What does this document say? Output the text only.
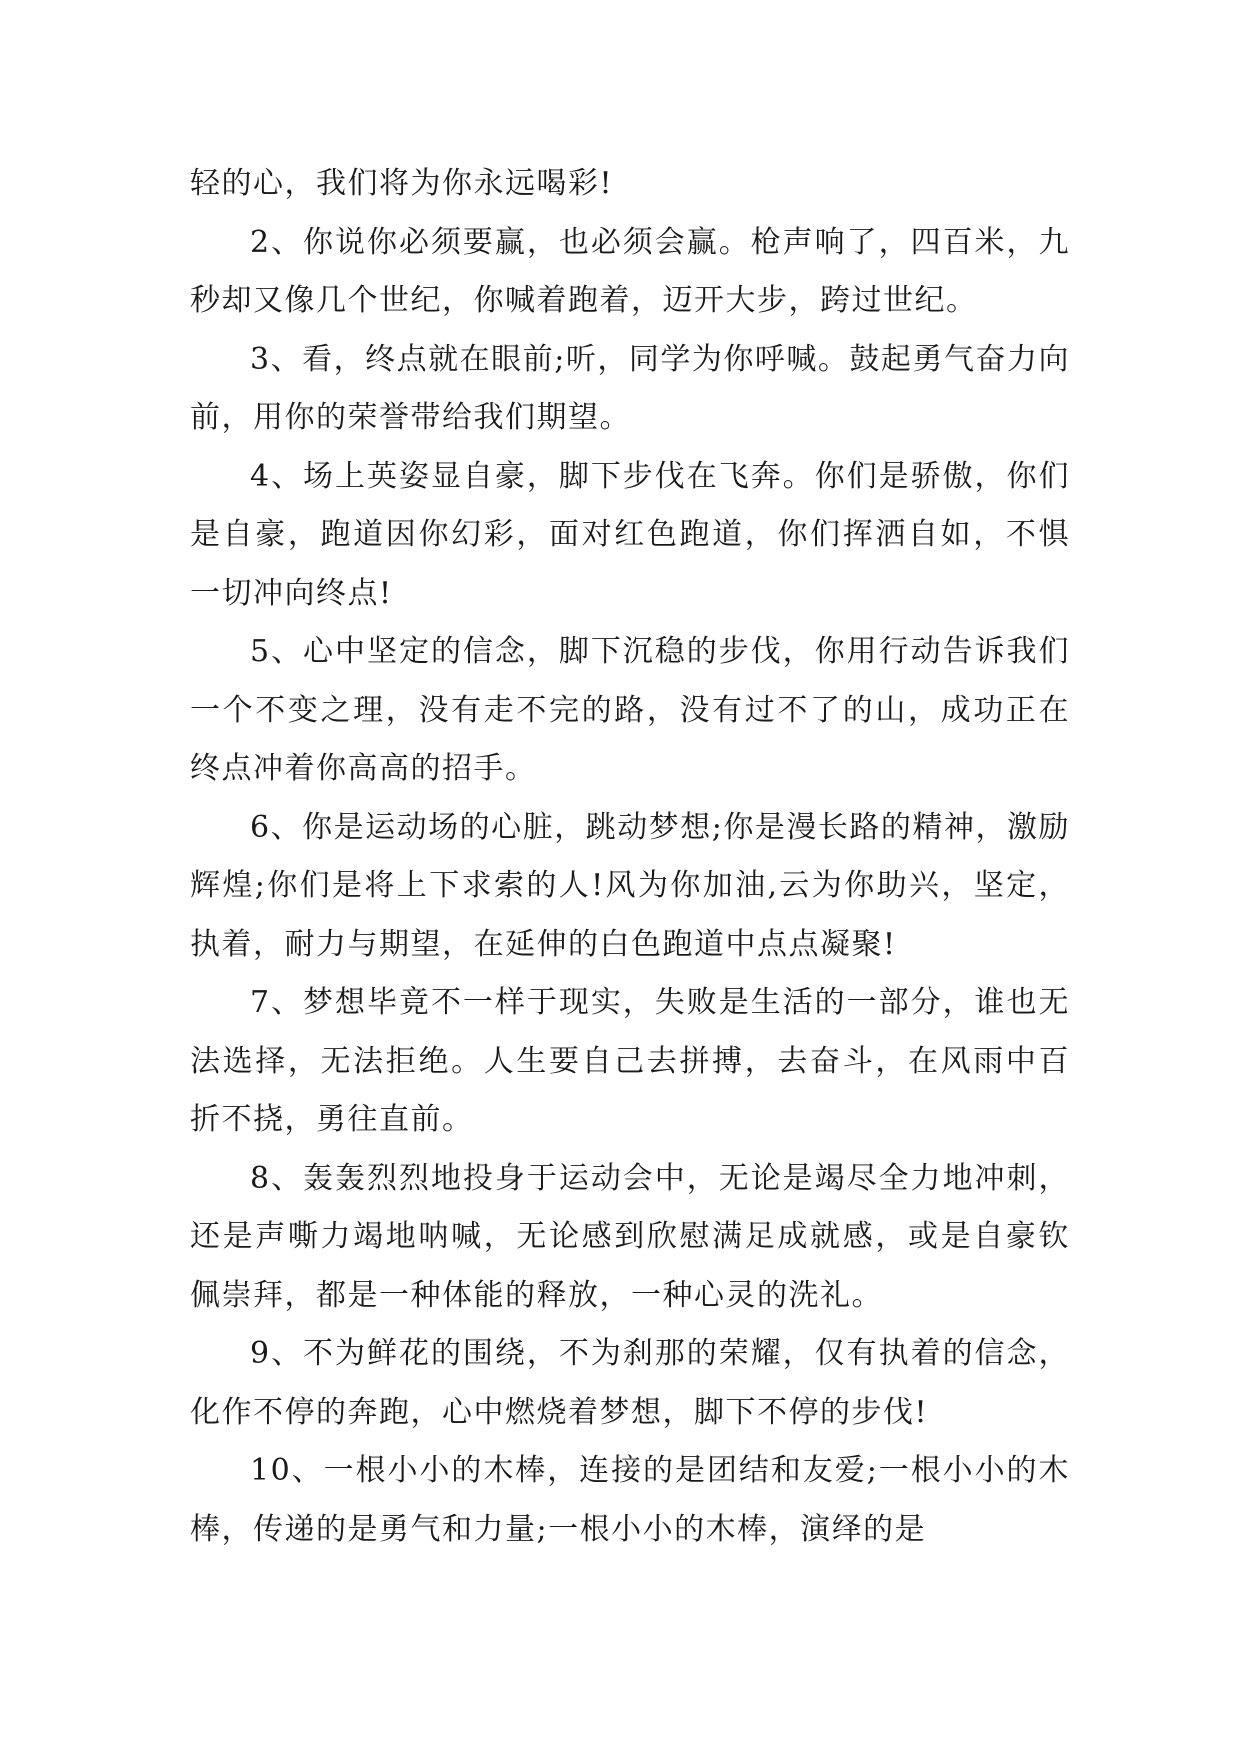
轻的心，我们将为你永远喝彩!

2、你说你必须要赢，也必须会赢。枪声响了，四百米，九秒却又像几个世纪，你喊着跑着，迈开大步，跨过世纪。

3、看，终点就在眼前;听，同学为你呼喊。鼓起勇气奋力向前，用你的荣誉带给我们期望。

4、场上英姿显自豪，脚下步伐在飞奔。你们是骄傲，你们是自豪，跑道因你幻彩，面对红色跑道，你们挥洒自如，不惧一切冲向终点!

5、心中坚定的信念，脚下沉稳的步伐，你用行动告诉我们一个不变之理，没有走不完的路，没有过不了的山，成功正在终点冲着你高高的招手。

6、你是运动场的心脏，跳动梦想;你是漫长路的精神，激励辉煌;你们是将上下求索的人!风为你加油,云为你助兴，坚定，执着，耐力与期望，在延伸的白色跑道中点点凝聚!

7、梦想毕竟不一样于现实，失败是生活的一部分，谁也无法选择，无法拒绝。人生要自己去拼搏，去奋斗，在风雨中百折不挠，勇往直前。

8、轰轰烈烈地投身于运动会中，无论是竭尽全力地冲刺，还是声嘶力竭地呐喊，无论感到欣慰满足成就感，或是自豪钦佩崇拜，都是一种体能的释放，一种心灵的洗礼。

9、不为鲜花的围绕，不为刹那的荣耀，仅有执着的信念，化作不停的奔跑，心中燃烧着梦想，脚下不停的步伐!

10、一根小小的木棒，连接的是团结和友爱;一根小小的木棒，传递的是勇气和力量;一根小小的木棒，演绎的是
